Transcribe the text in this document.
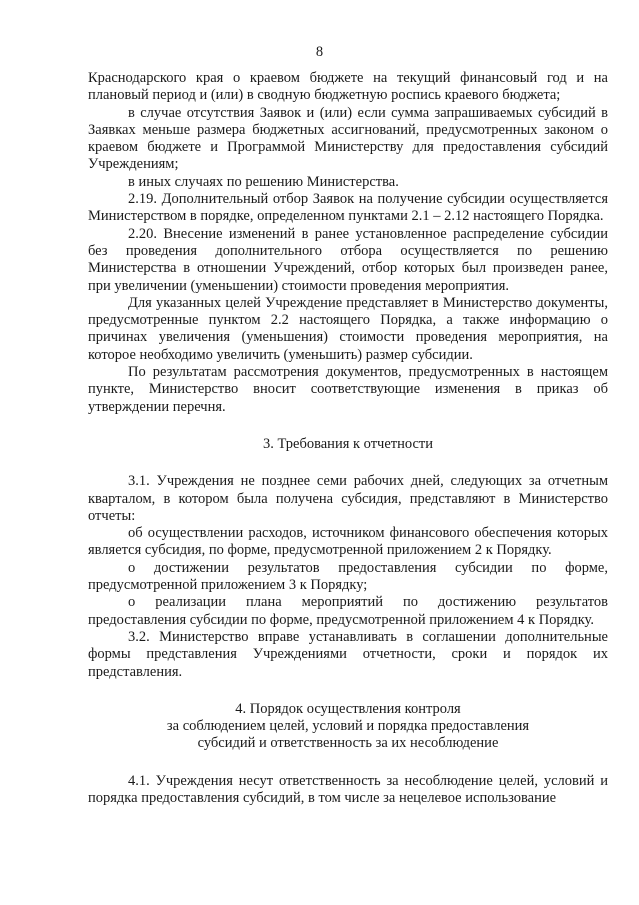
8

Краснодарского края о краевом бюджете на текущий финансовый год и на плановый период и (или) в сводную бюджетную роспись краевого бюджета;

в случае отсутствия Заявок и (или) если сумма запрашиваемых субсидий в Заявках меньше размера бюджетных ассигнований, предусмотренных законом о краевом бюджете и Программой Министерству для предоставления субсидий Учреждениям;

в иных случаях по решению Министерства.

2.19. Дополнительный отбор Заявок на получение субсидии осуществляется Министерством в порядке, определенном пунктами 2.1 – 2.12 настоящего Порядка.

2.20. Внесение изменений в ранее установленное распределение субсидии без проведения дополнительного отбора осуществляется по решению Министерства в отношении Учреждений, отбор которых был произведен ранее, при увеличении (уменьшении) стоимости проведения мероприятия.

Для указанных целей Учреждение представляет в Министерство документы, предусмотренные пунктом 2.2 настоящего Порядка, а также информацию о причинах увеличения (уменьшения) стоимости проведения мероприятия, на которое необходимо увеличить (уменьшить) размер субсидии.

По результатам рассмотрения документов, предусмотренных в настоящем пункте, Министерство вносит соответствующие изменения в приказ об утверждении перечня.

3. Требования к отчетности

3.1. Учреждения не позднее семи рабочих дней, следующих за отчетным кварталом, в котором была получена субсидия, представляют в Министерство отчеты:

об осуществлении расходов, источником финансового обеспечения которых является субсидия, по форме, предусмотренной приложением 2 к Порядку.

о достижении результатов предоставления субсидии по форме, предусмотренной приложением 3 к Порядку;

о реализации плана мероприятий по достижению результатов предоставления субсидии по форме, предусмотренной приложением 4 к Порядку.

3.2. Министерство вправе устанавливать в соглашении дополнительные формы представления Учреждениями отчетности, сроки и порядок их представления.

4. Порядок осуществления контроля
за соблюдением целей, условий и порядка предоставления
субсидий и ответственность за их несоблюдение

4.1. Учреждения несут ответственность за несоблюдение целей, условий и порядка предоставления субсидий, в том числе за нецелевое использование
